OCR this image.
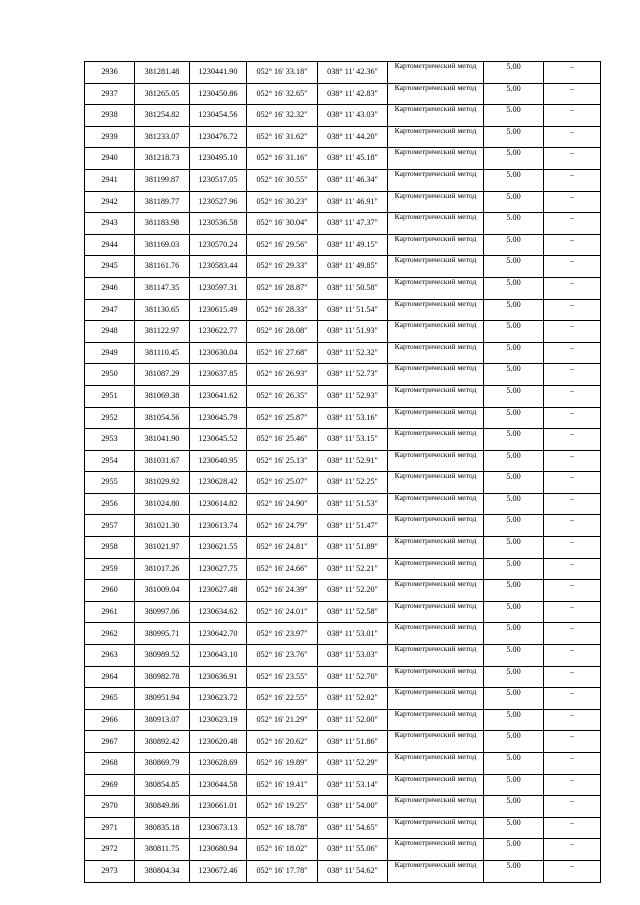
2936	381281.48	1230441.90	052° 16' 33.18"	038° 11' 42.36"	Картометрический метод	5.00	–
2937	381265.05	1230450.86	052° 16' 32.65"	038° 11' 42.83"	Картометрический метод	5.00	–
2938	381254.82	1230454.56	052° 16' 32.32"	038° 11' 43.03"	Картометрический метод	5.00	–
2939	381233.07	1230476.72	052° 16' 31.62"	038° 11' 44.20"	Картометрический метод	5.00	–
2940	381218.73	1230495.10	052° 16' 31.16"	038° 11' 45.18"	Картометрический метод	5.00	–
2941	381199.87	1230517.05	052° 16' 30.55"	038° 11' 46.34"	Картометрический метод	5.00	–
2942	381189.77	1230527.96	052° 16' 30.23"	038° 11' 46.91"	Картометрический метод	5.00	–
2943	381183.98	1230536.58	052° 16' 30.04"	038° 11' 47.37"	Картометрический метод	5.00	–
2944	381169.03	1230570.24	052° 16' 29.56"	038° 11' 49.15"	Картометрический метод	5.00	–
2945	381161.76	1230583.44	052° 16' 29.33"	038° 11' 49.85"	Картометрический метод	5.00	–
2946	381147.35	1230597.31	052° 16' 28.87"	038° 11' 50.58"	Картометрический метод	5.00	–
2947	381130.65	1230615.49	052° 16' 28.33"	038° 11' 51.54"	Картометрический метод	5.00	–
2948	381122.97	1230622.77	052° 16' 28.08"	038° 11' 51.93"	Картометрический метод	5.00	–
2949	381110.45	1230630.04	052° 16' 27.68"	038° 11' 52.32"	Картометрический метод	5.00	–
2950	381087.29	1230637.85	052° 16' 26.93"	038° 11' 52.73"	Картометрический метод	5.00	–
2951	381069.38	1230641.62	052° 16' 26.35"	038° 11' 52.93"	Картометрический метод	5.00	–
2952	381054.56	1230645.79	052° 16' 25.87"	038° 11' 53.16"	Картометрический метод	5.00	–
2953	381041.90	1230645.52	052° 16' 25.46"	038° 11' 53.15"	Картометрический метод	5.00	–
2954	381031.67	1230640.95	052° 16' 25.13"	038° 11' 52.91"	Картометрический метод	5.00	–
2955	381029.92	1230628.42	052° 16' 25.07"	038° 11' 52.25"	Картометрический метод	5.00	–
2956	381024.80	1230614.82	052° 16' 24.90"	038° 11' 51.53"	Картометрический метод	5.00	–
2957	381021.30	1230613.74	052° 16' 24.79"	038° 11' 51.47"	Картометрический метод	5.00	–
2958	381021.97	1230621.55	052° 16' 24.81"	038° 11' 51.89"	Картометрический метод	5.00	–
2959	381017.26	1230627.75	052° 16' 24.66"	038° 11' 52.21"	Картометрический метод	5.00	–
2960	381009.04	1230627.48	052° 16' 24.39"	038° 11' 52.20"	Картометрический метод	5.00	–
2961	380997.06	1230634.62	052° 16' 24.01"	038° 11' 52.58"	Картометрический метод	5.00	–
2962	380995.71	1230642.70	052° 16' 23.97"	038° 11' 53.01"	Картометрический метод	5.00	–
2963	380989.52	1230643.10	052° 16' 23.76"	038° 11' 53.03"	Картометрический метод	5.00	–
2964	380982.78	1230636.91	052° 16' 23.55"	038° 11' 52.70"	Картометрический метод	5.00	–
2965	380951.94	1230623.72	052° 16' 22.55"	038° 11' 52.02"	Картометрический метод	5.00	–
2966	380913.07	1230623.19	052° 16' 21.29"	038° 11' 52.00"	Картометрический метод	5.00	–
2967	380892.42	1230620.48	052° 16' 20.62"	038° 11' 51.86"	Картометрический метод	5.00	–
2968	380869.79	1230628.69	052° 16' 19.89"	038° 11' 52.29"	Картометрический метод	5.00	–
2969	380854.85	1230644.58	052° 16' 19.41"	038° 11' 53.14"	Картометрический метод	5.00	–
2970	380849.86	1230661.01	052° 16' 19.25"	038° 11' 54.00"	Картометрический метод	5.00	–
2971	380835.18	1230673.13	052° 16' 18.78"	038° 11' 54.65"	Картометрический метод	5.00	–
2972	380811.75	1230680.94	052° 16' 18.02"	038° 11' 55.06"	Картометрический метод	5.00	–
2973	380804.34	1230672.46	052° 16' 17.78"	038° 11' 54.62"	Картометрический метод	5.00	–
